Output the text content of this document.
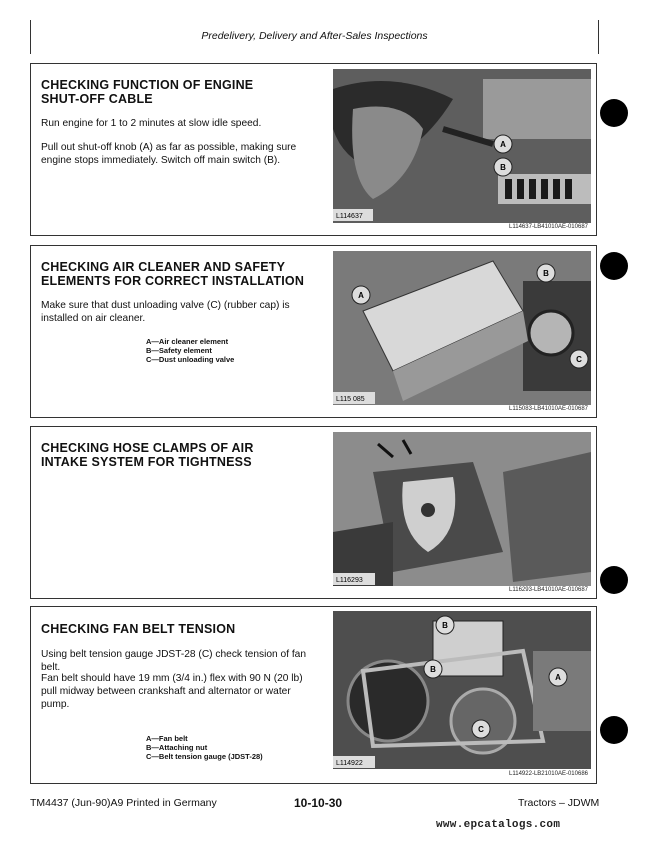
Predelivery, Delivery and After-Sales Inspections
CHECKING FUNCTION OF ENGINE
SHUT-OFF CABLE
Run engine for 1 to 2 minutes at slow idle speed.
Pull out shut-off knob (A) as far as possible, making sure engine stops immediately. Switch off main switch (B).
A
B
L114637
L114637-LB41010AE-010687
CHECKING AIR CLEANER AND SAFETY
ELEMENTS FOR CORRECT INSTALLATION
Make sure that dust unloading valve (C) (rubber cap) is installed on air cleaner.
A—Air cleaner element
B—Safety element
C—Dust unloading valve
A
B
C
L115 085
L115083-LB41010AE-010687
CHECKING HOSE CLAMPS OF AIR
INTAKE SYSTEM FOR TIGHTNESS
L116293
L116293-LB41010AE-010687
CHECKING FAN BELT TENSION
Using belt tension gauge JDST-28 (C) check tension of fan belt.
Fan belt should have 19 mm (3/4 in.) flex with 90 N (20 lb) pull midway between crankshaft and alternator or water pump.
A—Fan belt
B—Attaching nut
C—Belt tension gauge (JDST-28)
B
B
A
C
L114922
L114922-LB21010AE-010686
TM4437 (Jun-90)A9 Printed in Germany	10-10-30	Tractors – JDWM
www.epcatalogs.com
